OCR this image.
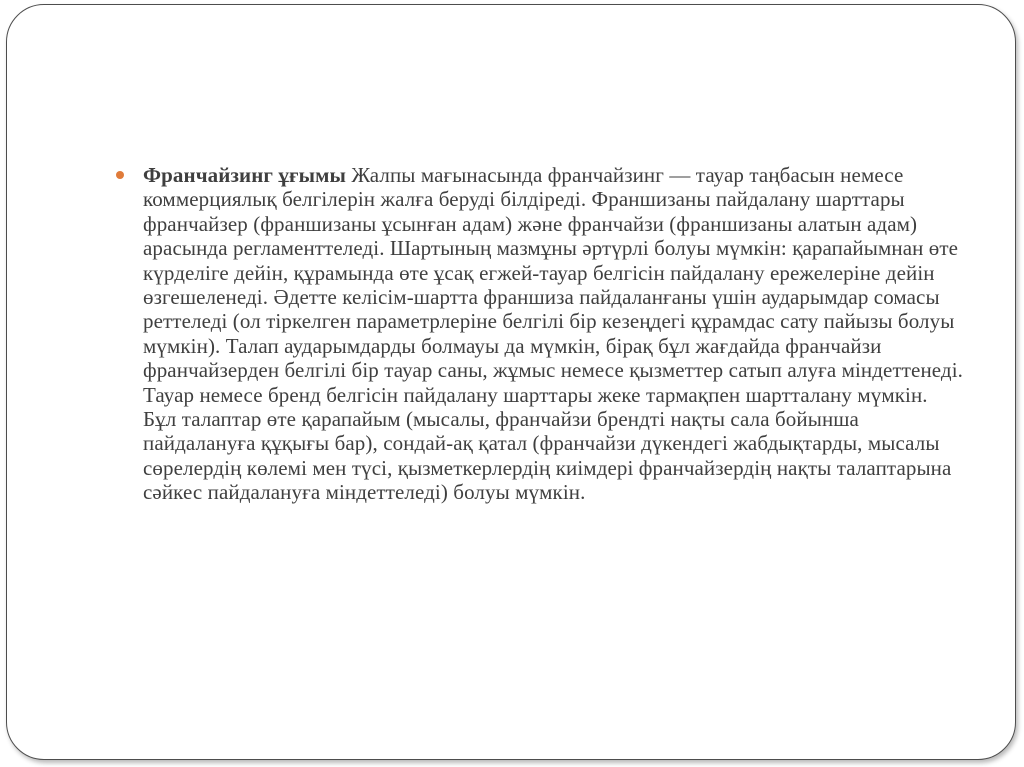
Франчайзинг ұғымы Жалпы мағынасында франчайзинг — тауар таңбасын немесе коммерциялық белгілерін жалға беруді білдіреді. Франшизаны пайдалану шарттары франчайзер (франшизаны ұсынған адам) және франчайзи (франшизаны алатын адам) арасында регламенттеледі. Шартының мазмұны әртүрлі болуы мүмкін: қарапайымнан өте күрделіге дейін, құрамында өте ұсақ егжей-тауар белгісін пайдалану ережелеріне дейін өзгешеленеді. Әдетте келісім-шартта франшиза пайдаланғаны үшін аударымдар сомасы реттеледі (ол тіркелген параметрлеріне белгілі бір кезеңдегі құрамдас сату пайызы болуы мүмкін). Талап аударымдарды болмауы да мүмкін, бірақ бұл жағдайда франчайзи франчайзерден белгілі бір тауар саны, жұмыс немесе қызметтер сатып алуға міндеттенеді. Тауар немесе бренд белгісін пайдалану шарттары жеке тармақпен шартталану мүмкін. Бұл талаптар өте қарапайым (мысалы, франчайзи брендті нақты сала бойынша пайдалануға құқығы бар), сондай-ақ қатал (франчайзи дүкендегі жабдықтарды, мысалы сөрелердің көлемі мен түсі, қызметкерлердің киімдері франчайзердің нақты талаптарына сәйкес пайдалануға міндеттеледі) болуы мүмкін.
